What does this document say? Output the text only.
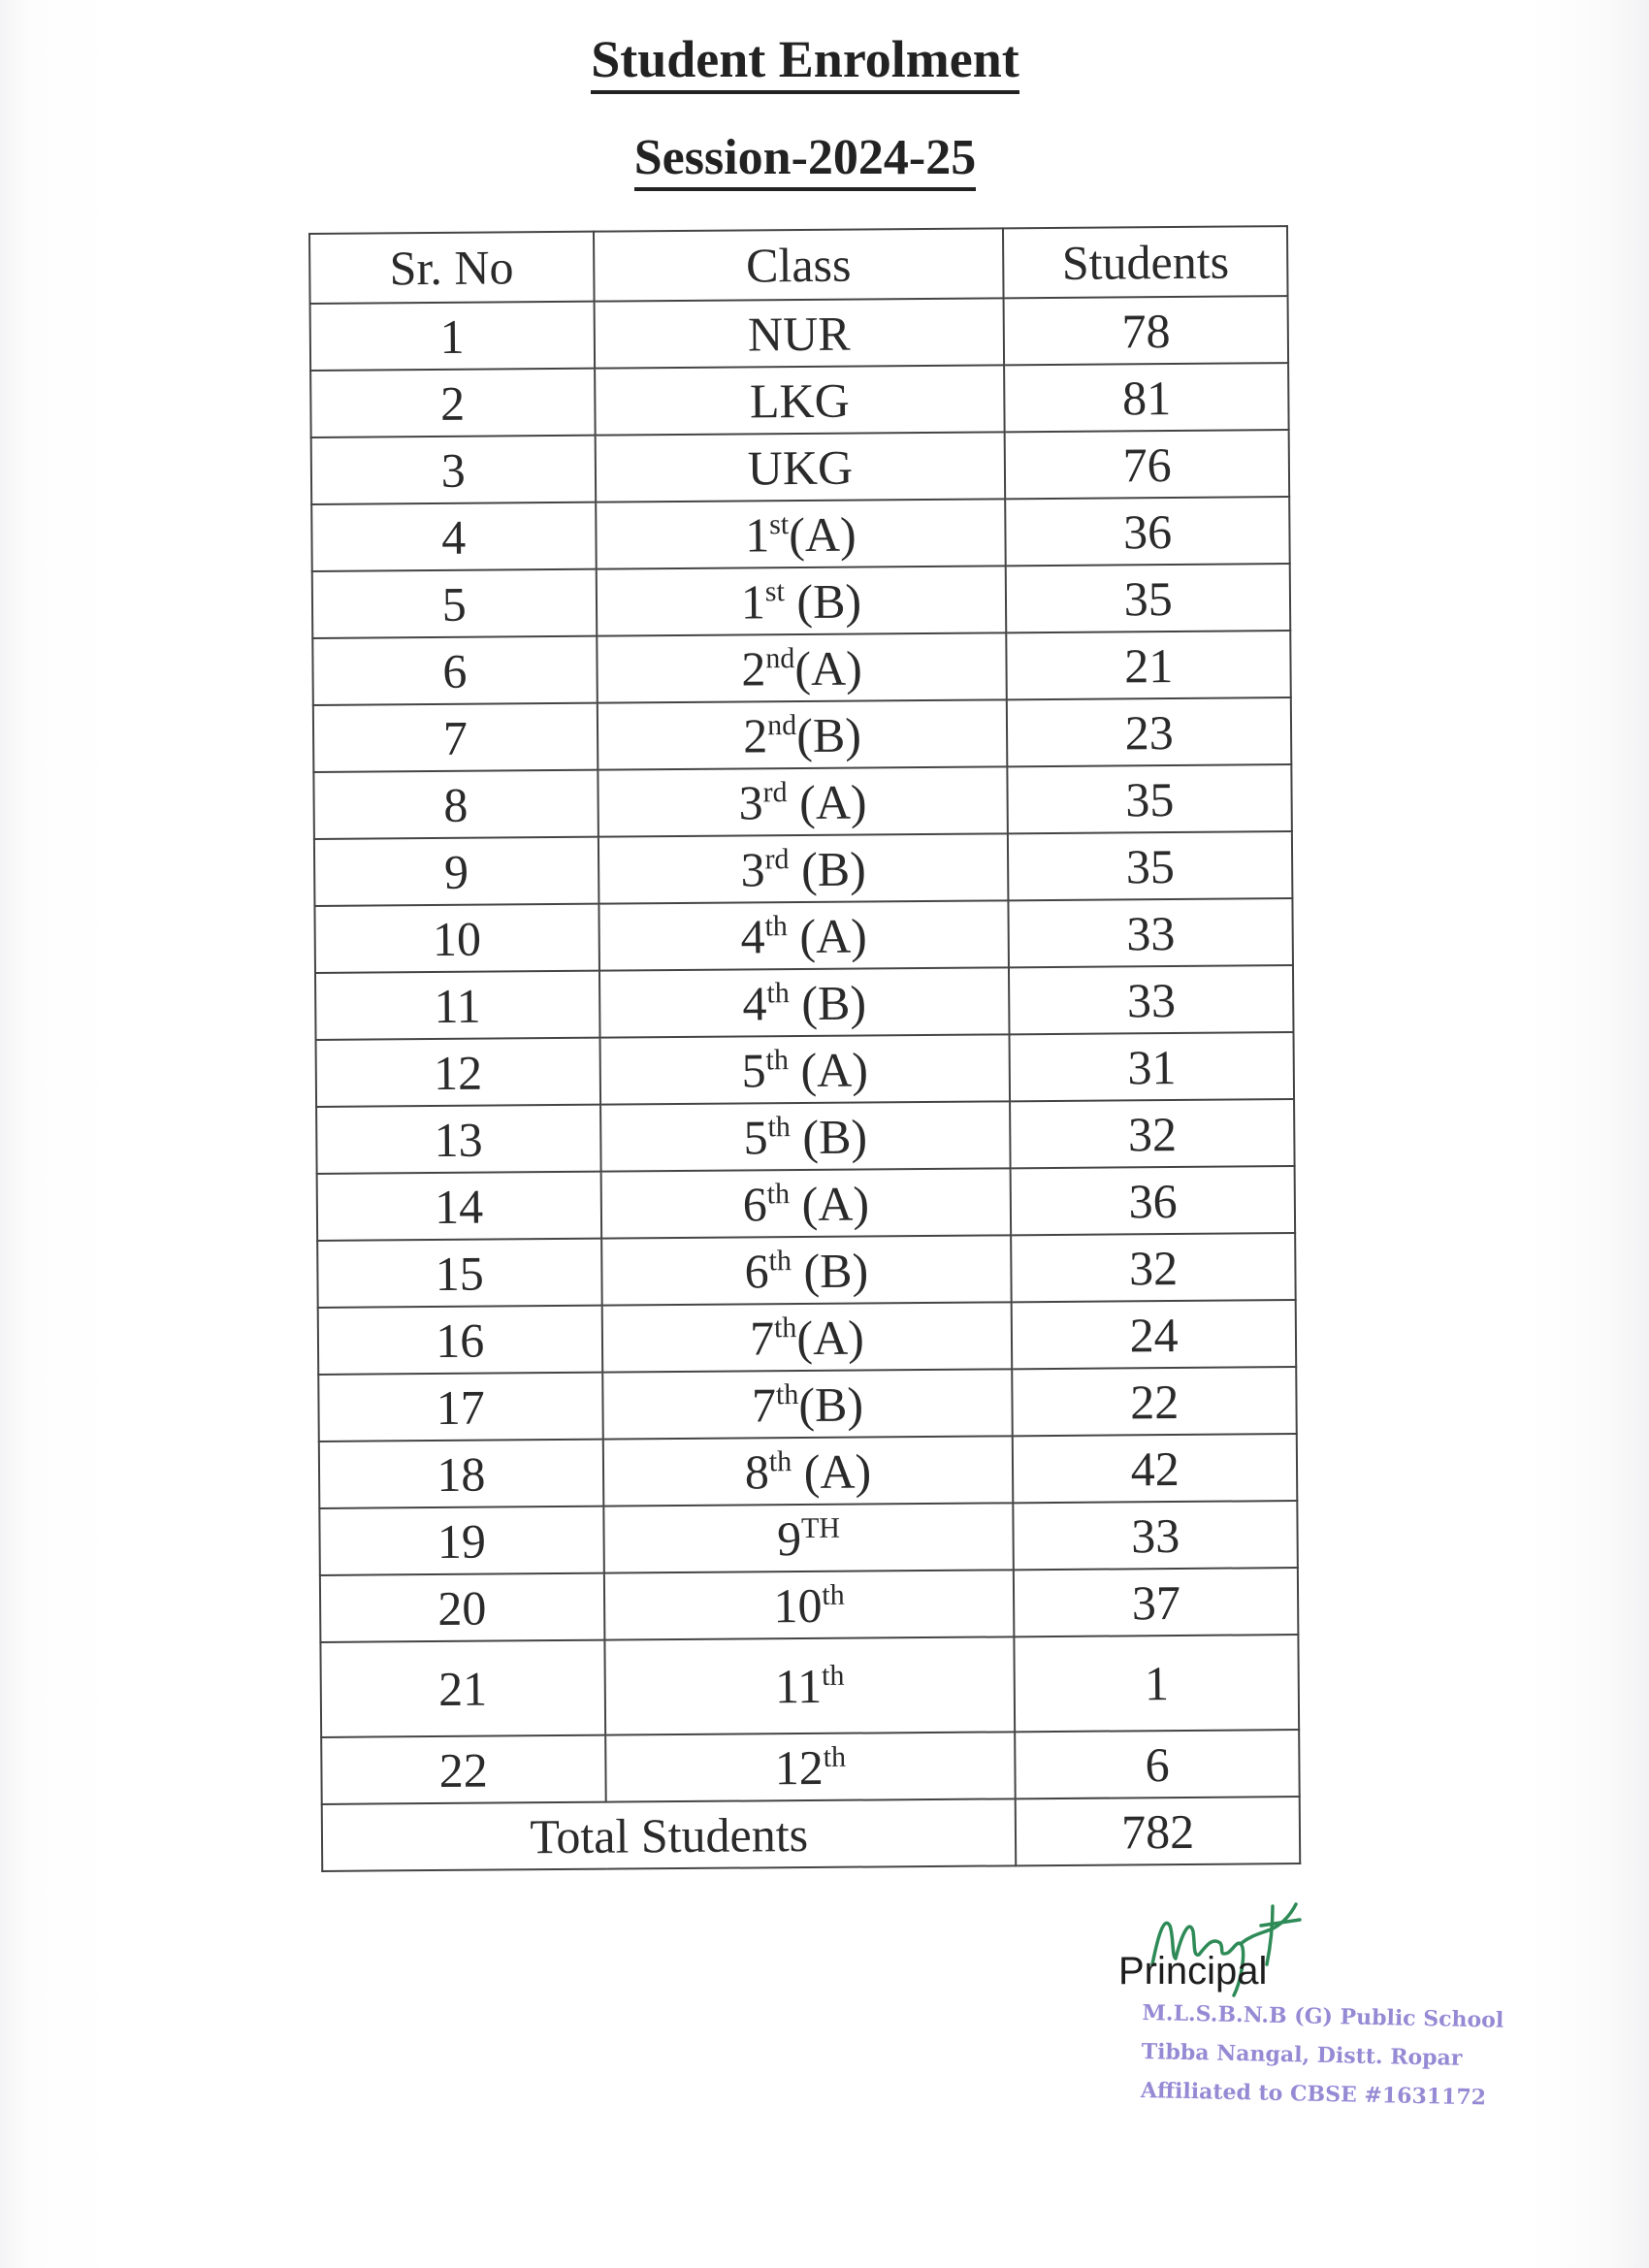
Student Enrolment
Session-2024-25
Sr. No	Class	Students
1	NUR	78
2	LKG	81
3	UKG	76
4	1st(A)	36
5	1st (B)	35
6	2nd(A)	21
7	2nd(B)	23
8	3rd (A)	35
9	3rd (B)	35
10	4th (A)	33
11	4th (B)	33
12	5th (A)	31
13	5th (B)	32
14	6th (A)	36
15	6th (B)	32
16	7th(A)	24
17	7th(B)	22
18	8th (A)	42
19	9TH	33
20	10th	37
21	11th	1
22	12th	6
Total Students		782
Principal
M.L.S.B.N.B (G) Public School
Tibba Nangal, Distt. Ropar
Affiliated to CBSE #1631172
